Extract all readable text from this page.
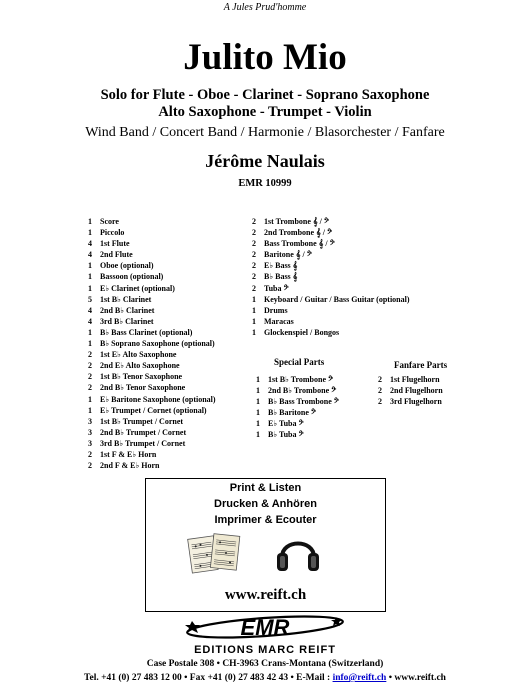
A Jules Prud'homme
Julito Mio
Solo for Flute - Oboe - Clarinet - Soprano Saxophone
Alto Saxophone - Trumpet - Violin
Wind Band / Concert Band / Harmonie / Blasorchester / Fanfare
Jérôme Naulais
EMR 10999
1	Score
1	Piccolo
4	1st Flute
4	2nd Flute
1	Oboe (optional)
1	Bassoon (optional)
1	E♭ Clarinet (optional)
5	1st B♭ Clarinet
4	2nd B♭ Clarinet
4	3rd B♭ Clarinet
1	B♭ Bass Clarinet (optional)
1	B♭ Soprano Saxophone (optional)
2	1st E♭ Alto Saxophone
2	2nd E♭ Alto Saxophone
2	1st B♭ Tenor Saxophone
2	2nd B♭ Tenor Saxophone
1	E♭ Baritone Saxophone (optional)
1	E♭ Trumpet / Cornet (optional)
3	1st B♭ Trumpet / Cornet
3	2nd B♭ Trumpet / Cornet
3	3rd B♭ Trumpet / Cornet
2	1st F & E♭ Horn
2	2nd F & E♭ Horn
2	1st Trombone 𝄞 / 𝄢
2	2nd Trombone 𝄞 / 𝄢
2	Bass Trombone 𝄞 / 𝄢
2	Baritone 𝄞 / 𝄢
2	E♭ Bass 𝄞
2	B♭ Bass 𝄞
2	Tuba 𝄢
1	Keyboard / Guitar / Bass Guitar (optional)
1	Drums
1	Maracas
1	Glockenspiel / Bongos
Special Parts	Fanfare Parts
1	1st B♭ Trombone 𝄢
1	2nd B♭ Trombone 𝄢
1	B♭ Bass Trombone 𝄢
1	B♭ Baritone 𝄢
1	E♭ Tuba 𝄢
1	B♭ Tuba 𝄢
2	1st Flugelhorn
2	2nd Flugelhorn
2	3rd Flugelhorn
Print & Listen
Drucken & Anhören
Imprimer & Ecouter
www.reift.ch
EMR
EDITIONS MARC REIFT
Case Postale 308 • CH-3963 Crans-Montana (Switzerland)
Tel. +41 (0) 27 483 12 00 • Fax +41 (0) 27 483 42 43 • E-Mail : info@reift.ch • www.reift.ch
